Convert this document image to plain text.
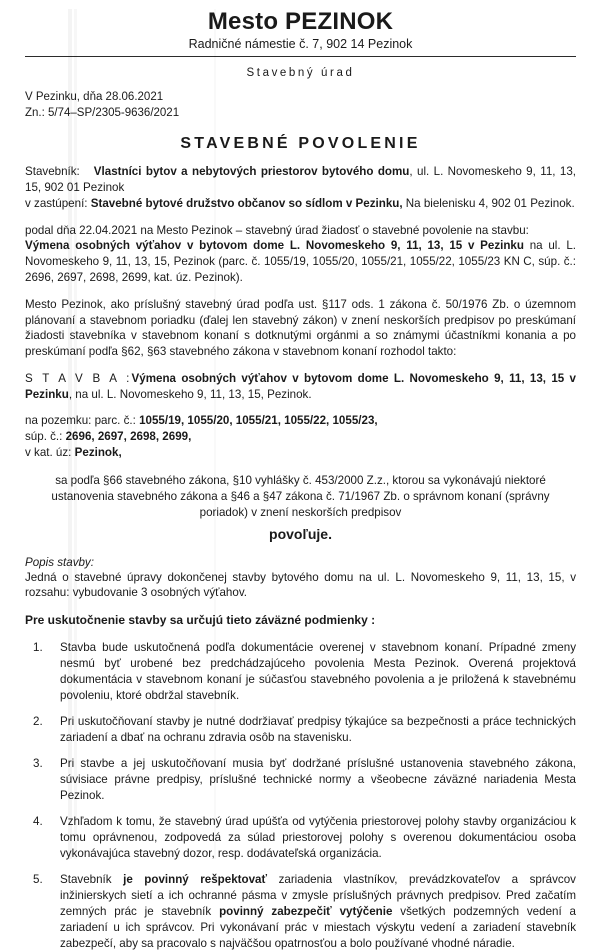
Mesto PEZINOK
Radničné námestie č. 7, 902 14 Pezinok
Stavebný úrad
V Pezinku, dňa 28.06.2021
Zn.: 5/74–SP/2305-9636/2021
STAVEBNÉ POVOLENIE

Stavebník: Vlastníci bytov a nebytových priestorov bytového domu, ul. L. Novomeskeho 9, 11, 13, 15, 902 01 Pezinok
v zastúpení: Stavebné bytové družstvo občanov so sídlom v Pezinku, Na bielenisku 4, 902 01 Pezinok.

podal dňa 22.04.2021 na Mesto Pezinok – stavebný úrad žiadosť o stavebné povolenie na stavbu:
Výmena osobných výťahov v bytovom dome L. Novomeskeho 9, 11, 13, 15 v Pezinku na ul. L. Novomeskeho 9, 11, 13, 15, Pezinok (parc. č. 1055/19, 1055/20, 1055/21, 1055/22, 1055/23 KN C, súp. č.: 2696, 2697, 2698, 2699, kat. úz. Pezinok).

Mesto Pezinok, ako príslušný stavebný úrad podľa ust. §117 ods. 1 zákona č. 50/1976 Zb. o územnom plánovaní a stavebnom poriadku (ďalej len stavebný zákon) v znení neskorších predpisov po preskúmaní žiadosti stavebníka v stavebnom konaní s dotknutými orgánmi a so známymi účastníkmi konania a po preskúmaní podľa §62, §63 stavebného zákona v stavebnom konaní rozhodol takto:

S T A V B A :Výmena osobných výťahov v bytovom dome L. Novomeskeho 9, 11, 13, 15 v Pezinku, na ul. L. Novomeskeho 9, 11, 13, 15, Pezinok.

na pozemku: parc. č.: 1055/19, 1055/20, 1055/21, 1055/22, 1055/23,
súp. č.: 2696, 2697, 2698, 2699,
v kat. úz: Pezinok,

sa podľa §66 stavebného zákona, §10 vyhlášky č. 453/2000 Z.z., ktorou sa vykonávajú niektoré ustanovenia stavebného zákona a §46 a §47 zákona č. 71/1967 Zb. o správnom konaní (správny poriadok) v znení neskorších predpisov
povoľuje.
Popis stavby:

Jedná o stavebné úpravy dokončenej stavby bytového domu na ul. L. Novomeskeho 9, 11, 13, 15, v rozsahu: vybudovanie 3 osobných výťahov.

Pre uskutočnenie stavby sa určujú tieto záväzné podmienky :
1.	Stavba bude uskutočnená podľa dokumentácie overenej v stavebnom konaní. Prípadné zmeny nesmú byť urobené bez predchádzajúceho povolenia Mesta Pezinok. Overená projektová dokumentácia v stavebnom konaní je súčasťou stavebného povolenia a je priložená k stavebnému povoleniu, ktoré obdržal stavebník.
2.	Pri uskutočňovaní stavby je nutné dodržiavať predpisy týkajúce sa bezpečnosti a práce technických zariadení a dbať na ochranu zdravia osôb na stavenisku.
3.	Pri stavbe a jej uskutočňovaní musia byť dodržané príslušné ustanovenia stavebného zákona, súvisiace právne predpisy, príslušné technické normy a všeobecne záväzné nariadenia Mesta Pezinok.
4.	Vzhľadom k tomu, že stavebný úrad upúšťa od vytýčenia priestorovej polohy stavby organizáciou k tomu oprávnenou, zodpovedá za súlad priestorovej polohy s overenou dokumentáciou osoba vykonávajúca stavebný dozor, resp. dodávateľská organizácia.
5.	Stavebník je povinný rešpektovať zariadenia vlastníkov, prevádzkovateľov a správcov inžinierskych sietí a ich ochranné pásma v zmysle príslušných právnych predpisov. Pred začatím zemných prác je stavebník povinný zabezpečiť vytýčenie všetkých podzemných vedení a zariadení u ich správcov. Pri vykonávaní prác v miestach výskytu vedení a zariadení stavebník zabezpečí, aby sa pracovalo s najväčšou opatrnosťou a bolo používané vhodné náradie.
